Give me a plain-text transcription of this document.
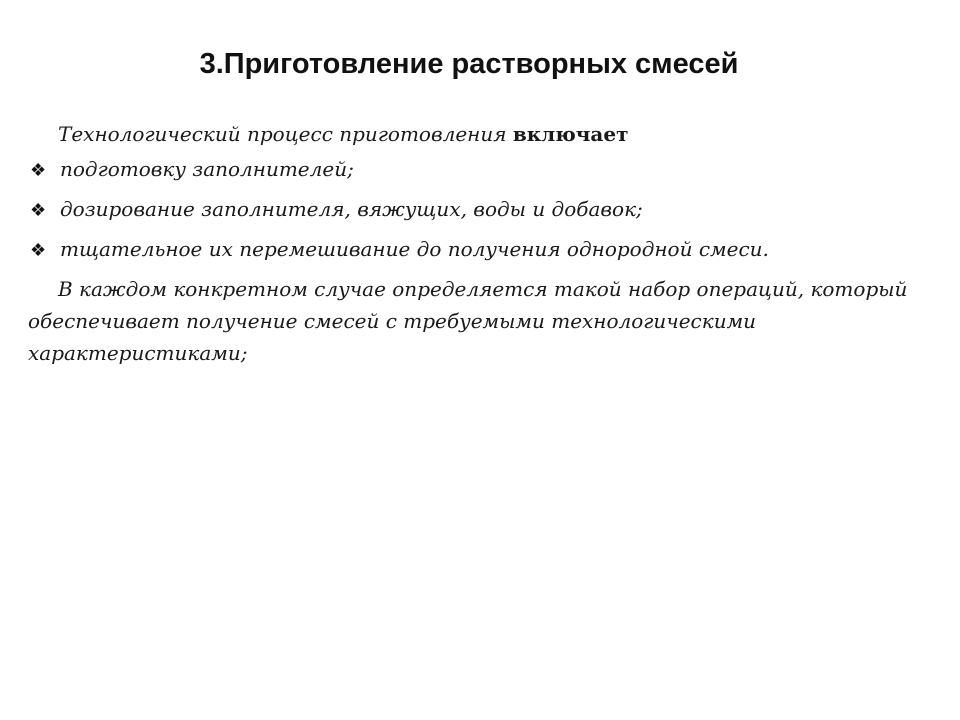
3.Приготовление растворных смесей

Технологический процесс приготовления включает

❖ подготовку заполнителей;
❖ дозирование заполнителя, вяжущих, воды и добавок;
❖ тщательное их перемешивание до получения однородной смеси.

В каждом конкретном случае определяется такой набор операций, который обеспечивает получение смесей с требуемыми технологическими характеристиками;
